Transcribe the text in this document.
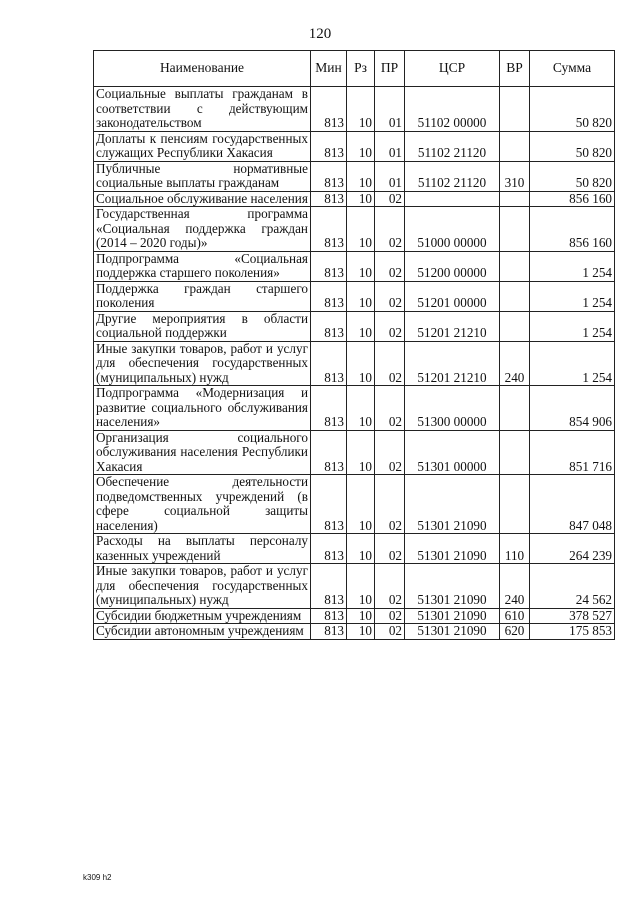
120
Наименование	Мин	Рз	ПР	ЦСР	ВР	Сумма
Социальные выплаты гражданам в соответствии с действующим законодательством	813	10	01	51102 00000		50 820
Доплаты к пенсиям государственных служащих Республики Хакасия	813	10	01	51102 21120		50 820
Публичные нормативные социальные выплаты гражданам	813	10	01	51102 21120	310	50 820
Социальное обслуживание населения	813	10	02			856 160
Государственная программа «Социальная поддержка граждан (2014 – 2020 годы)»	813	10	02	51000 00000		856 160
Подпрограмма «Социальная поддержка старшего поколения»	813	10	02	51200 00000		1 254
Поддержка граждан старшего поколения	813	10	02	51201 00000		1 254
Другие мероприятия в области социальной поддержки	813	10	02	51201 21210		1 254
Иные закупки товаров, работ и услуг для обеспечения государственных (муниципальных) нужд	813	10	02	51201 21210	240	1 254
Подпрограмма «Модернизация и развитие социального обслуживания населения»	813	10	02	51300 00000		854 906
Организация социального обслуживания населения Республики Хакасия	813	10	02	51301 00000		851 716
Обеспечение деятельности подведомственных учреждений (в сфере социальной защиты населения)	813	10	02	51301 21090		847 048
Расходы на выплаты персоналу казенных учреждений	813	10	02	51301 21090	110	264 239
Иные закупки товаров, работ и услуг для обеспечения государственных (муниципальных) нужд	813	10	02	51301 21090	240	24 562
Субсидии бюджетным учреждениям	813	10	02	51301 21090	610	378 527
Субсидии автономным учреждениям	813	10	02	51301 21090	620	175 853
k309 h2
